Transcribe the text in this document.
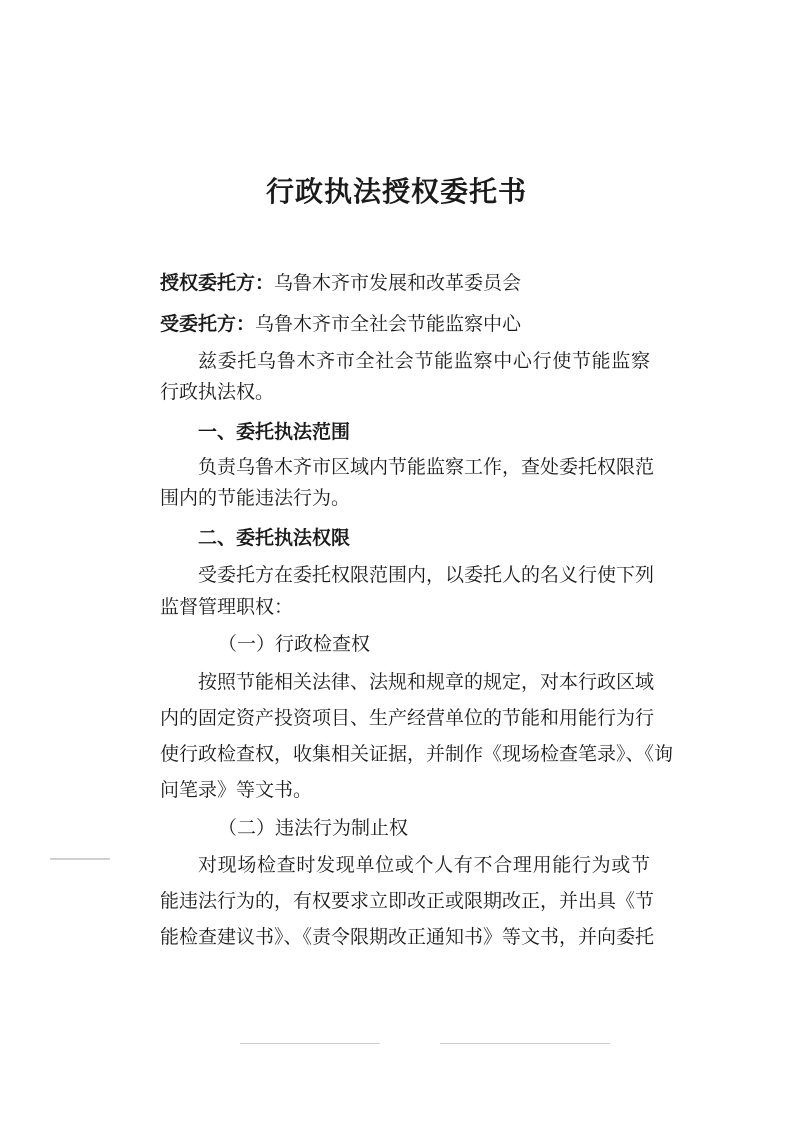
行政执法授权委托书
授权委托方：乌鲁木齐市发展和改革委员会
受委托方：乌鲁木齐市全社会节能监察中心
兹委托乌鲁木齐市全社会节能监察中心行使节能监察
行政执法权。
一、委托执法范围
负责乌鲁木齐市区域内节能监察工作，查处委托权限范
围内的节能违法行为。
二、委托执法权限
受委托方在委托权限范围内，以委托人的名义行使下列
监督管理职权：
（一）行政检查权
按照节能相关法律、法规和规章的规定，对本行政区域
内的固定资产投资项目、生产经营单位的节能和用能行为行
使行政检查权，收集相关证据，并制作《现场检查笔录》、《询
问笔录》等文书。
（二）违法行为制止权
对现场检查时发现单位或个人有不合理用能行为或节
能违法行为的，有权要求立即改正或限期改正，并出具《节
能检查建议书》、《责令限期改正通知书》等文书，并向委托
